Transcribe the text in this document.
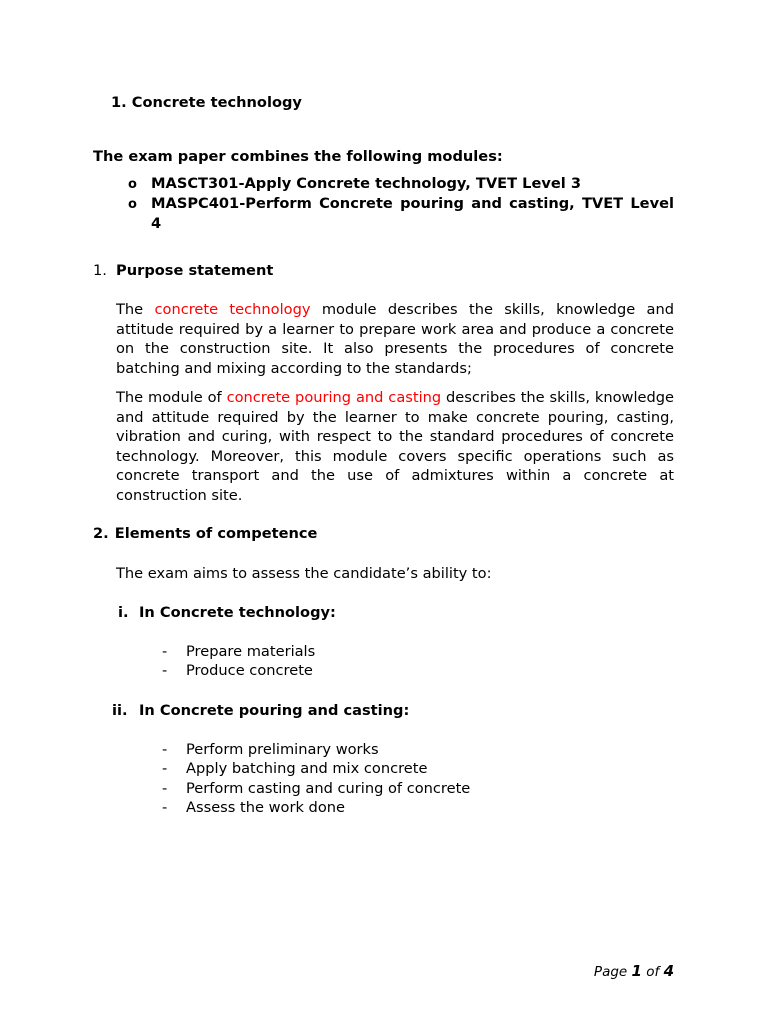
1. Concrete technology
The exam paper combines the following modules:
o MASCT301-Apply Concrete technology, TVET Level 3
o MASPC401-Perform Concrete pouring and casting, TVET Level 4
1. Purpose statement

The concrete technology module describes the skills, knowledge and attitude required by a learner to prepare work area and produce a concrete on the construction site. It also presents the procedures of concrete batching and mixing according to the standards;

The module of concrete pouring and casting describes the skills, knowledge and attitude required by the learner to make concrete pouring, casting, vibration and curing, with respect to the standard procedures of concrete technology. Moreover, this module covers specific operations such as concrete transport and the use of admixtures within a concrete at construction site.

2. Elements of competence
The exam aims to assess the candidate’s ability to:
i. In Concrete technology:
- Prepare materials
- Produce concrete
ii. In Concrete pouring and casting:
- Perform preliminary works
- Apply batching and mix concrete
- Perform casting and curing of concrete
- Assess the work done
Page 1 of 4
